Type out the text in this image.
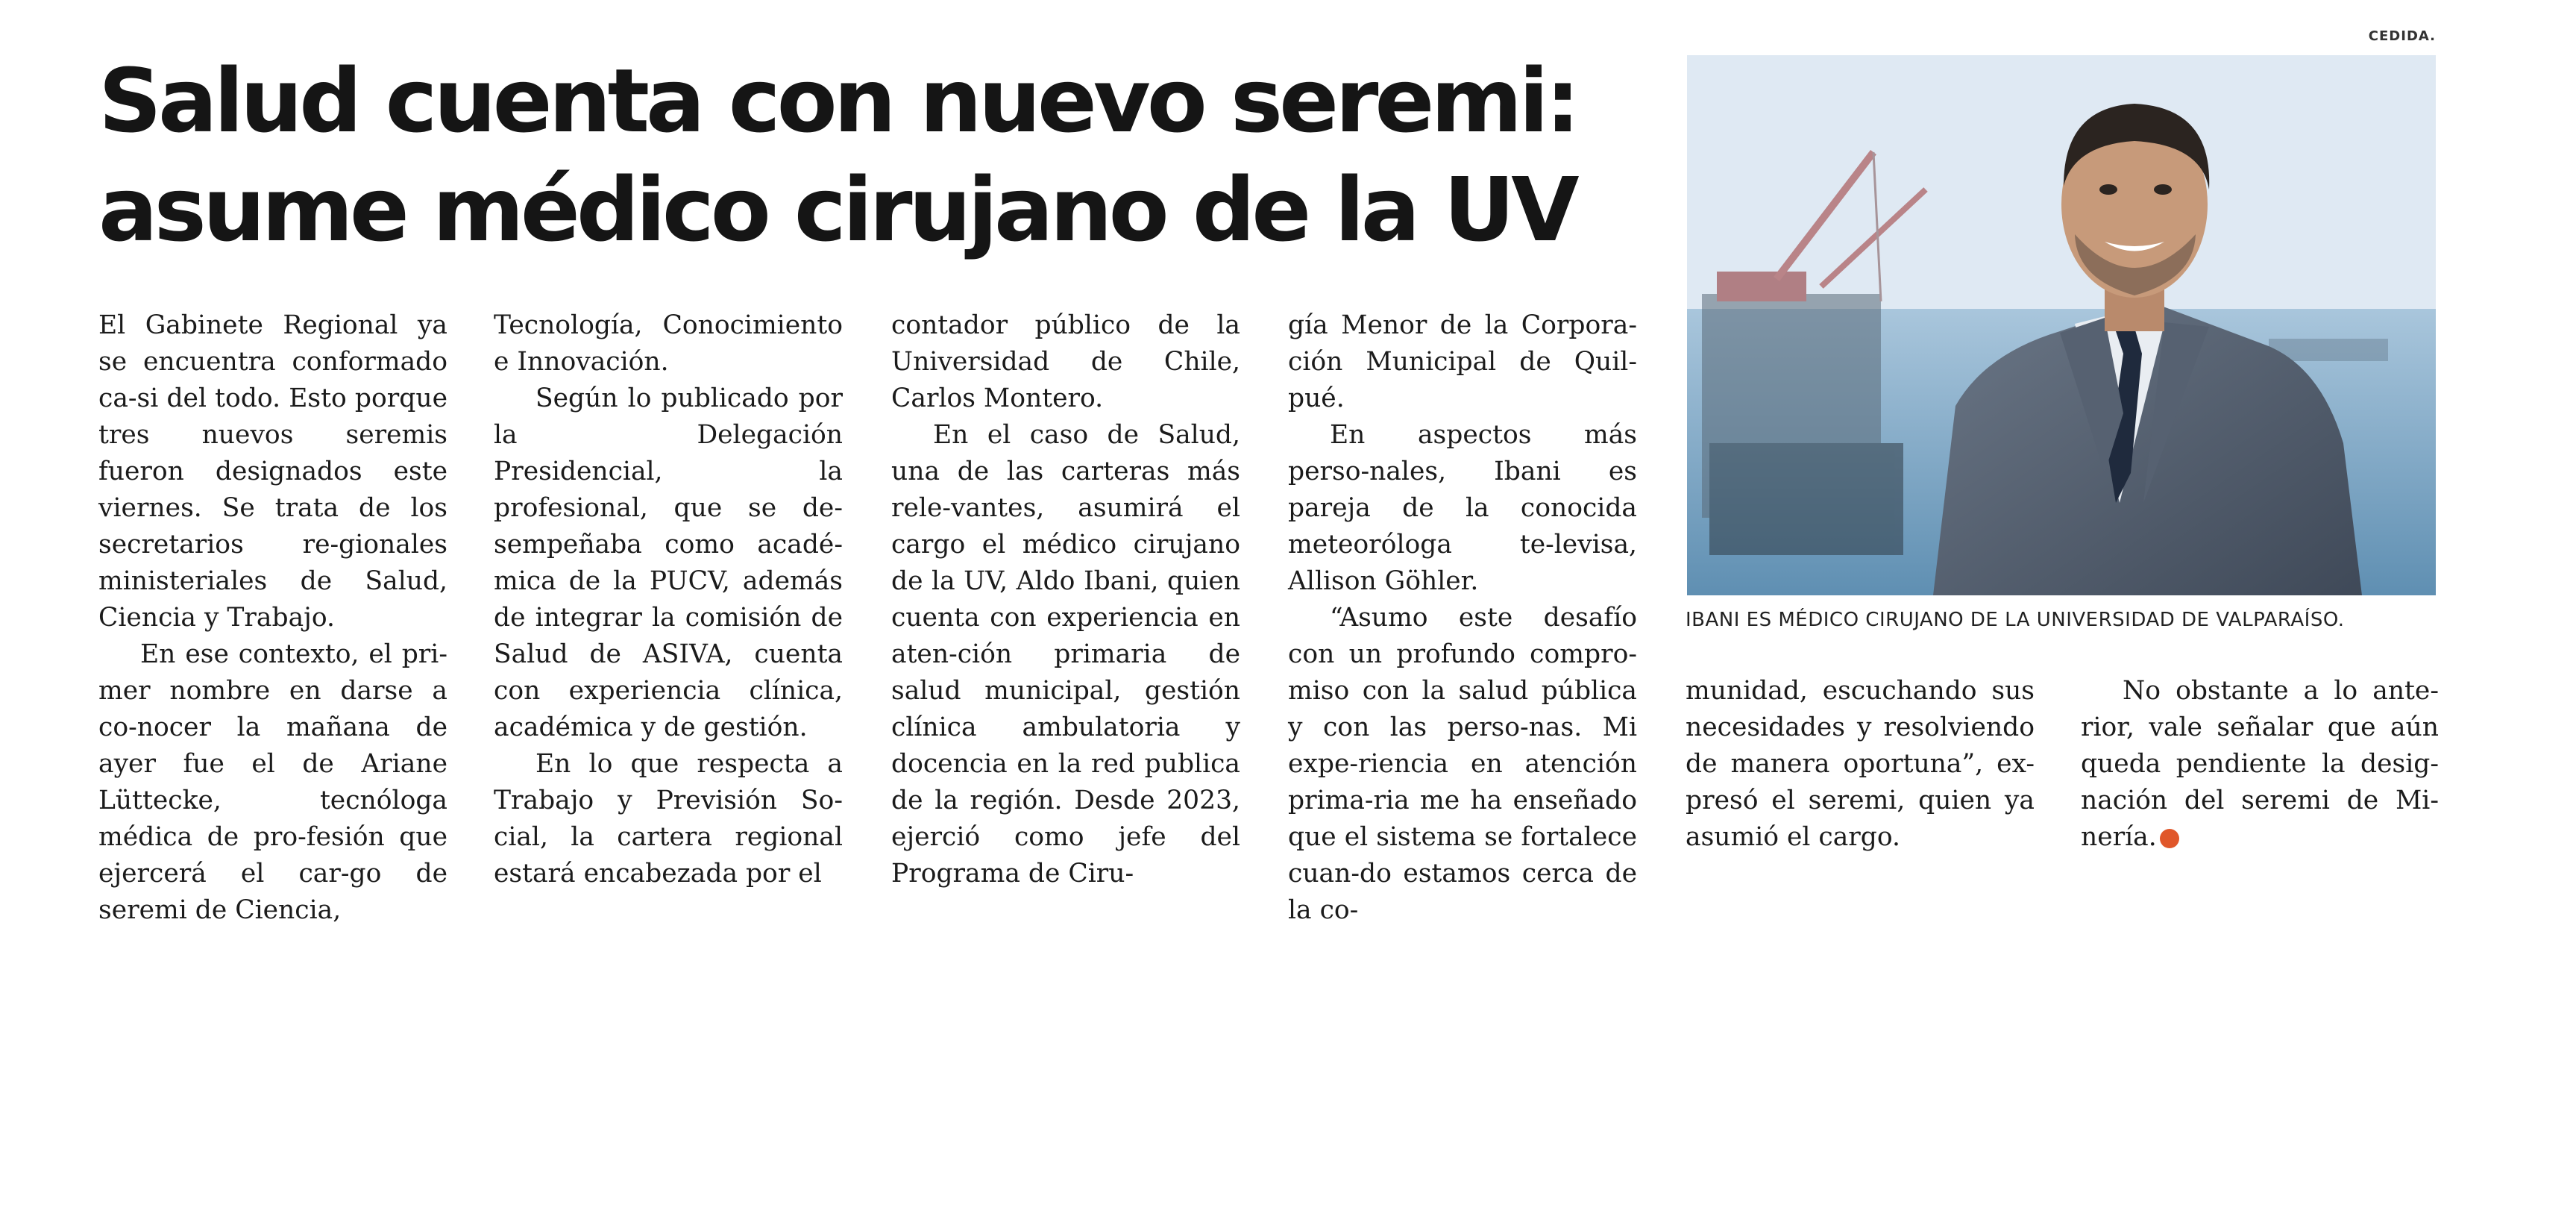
Salud cuenta con nuevo seremi: asume médico cirujano de la UV
CEDIDA.
IBANI ES MÉDICO CIRUJANO DE LA UNIVERSIDAD DE VALPARAÍSO.

El Gabinete Regional ya se encuentra conformado ca-si del todo. Esto porque tres nuevos seremis fueron designados este viernes. Se trata de los secretarios re-gionales ministeriales de Salud, Ciencia y Trabajo.

En ese contexto, el pri-mer nombre en darse a co-nocer la mañana de ayer fue el de Ariane Lüttecke, tecnóloga médica de pro-fesión que ejercerá el car-go de seremi de Ciencia,

Tecnología, Conocimiento e Innovación.

Según lo publicado por la Delegación Presidencial, la profesional, que se de-sempeñaba como acadé-mica de la PUCV, además de integrar la comisión de Salud de ASIVA, cuenta con experiencia clínica, académica y de gestión.

En lo que respecta a Trabajo y Previsión So-cial, la cartera regional estará encabezada por el

contador público de la Universidad de Chile, Carlos Montero.

En el caso de Salud, una de las carteras más rele-vantes, asumirá el cargo el médico cirujano de la UV, Aldo Ibani, quien cuenta con experiencia en aten-ción primaria de salud municipal, gestión clínica ambulatoria y docencia en la red publica de la región. Desde 2023, ejerció como jefe del Programa de Ciru-

gía Menor de la Corpora-ción Municipal de Quil-pué.

En aspectos más perso-nales, Ibani es pareja de la conocida meteoróloga te-levisa, Allison Göhler.

“Asumo este desafío con un profundo compro-miso con la salud pública y con las perso-nas. Mi expe-riencia en atención prima-ria me ha enseñado que el sistema se fortalece cuan-do estamos cerca de la co-

munidad, escuchando sus necesidades y resolviendo de manera oportuna”, ex-presó el seremi, quien ya asumió el cargo.

No obstante a lo ante-rior, vale señalar que aún queda pendiente la desig-nación del seremi de Mi-nería.	✪
